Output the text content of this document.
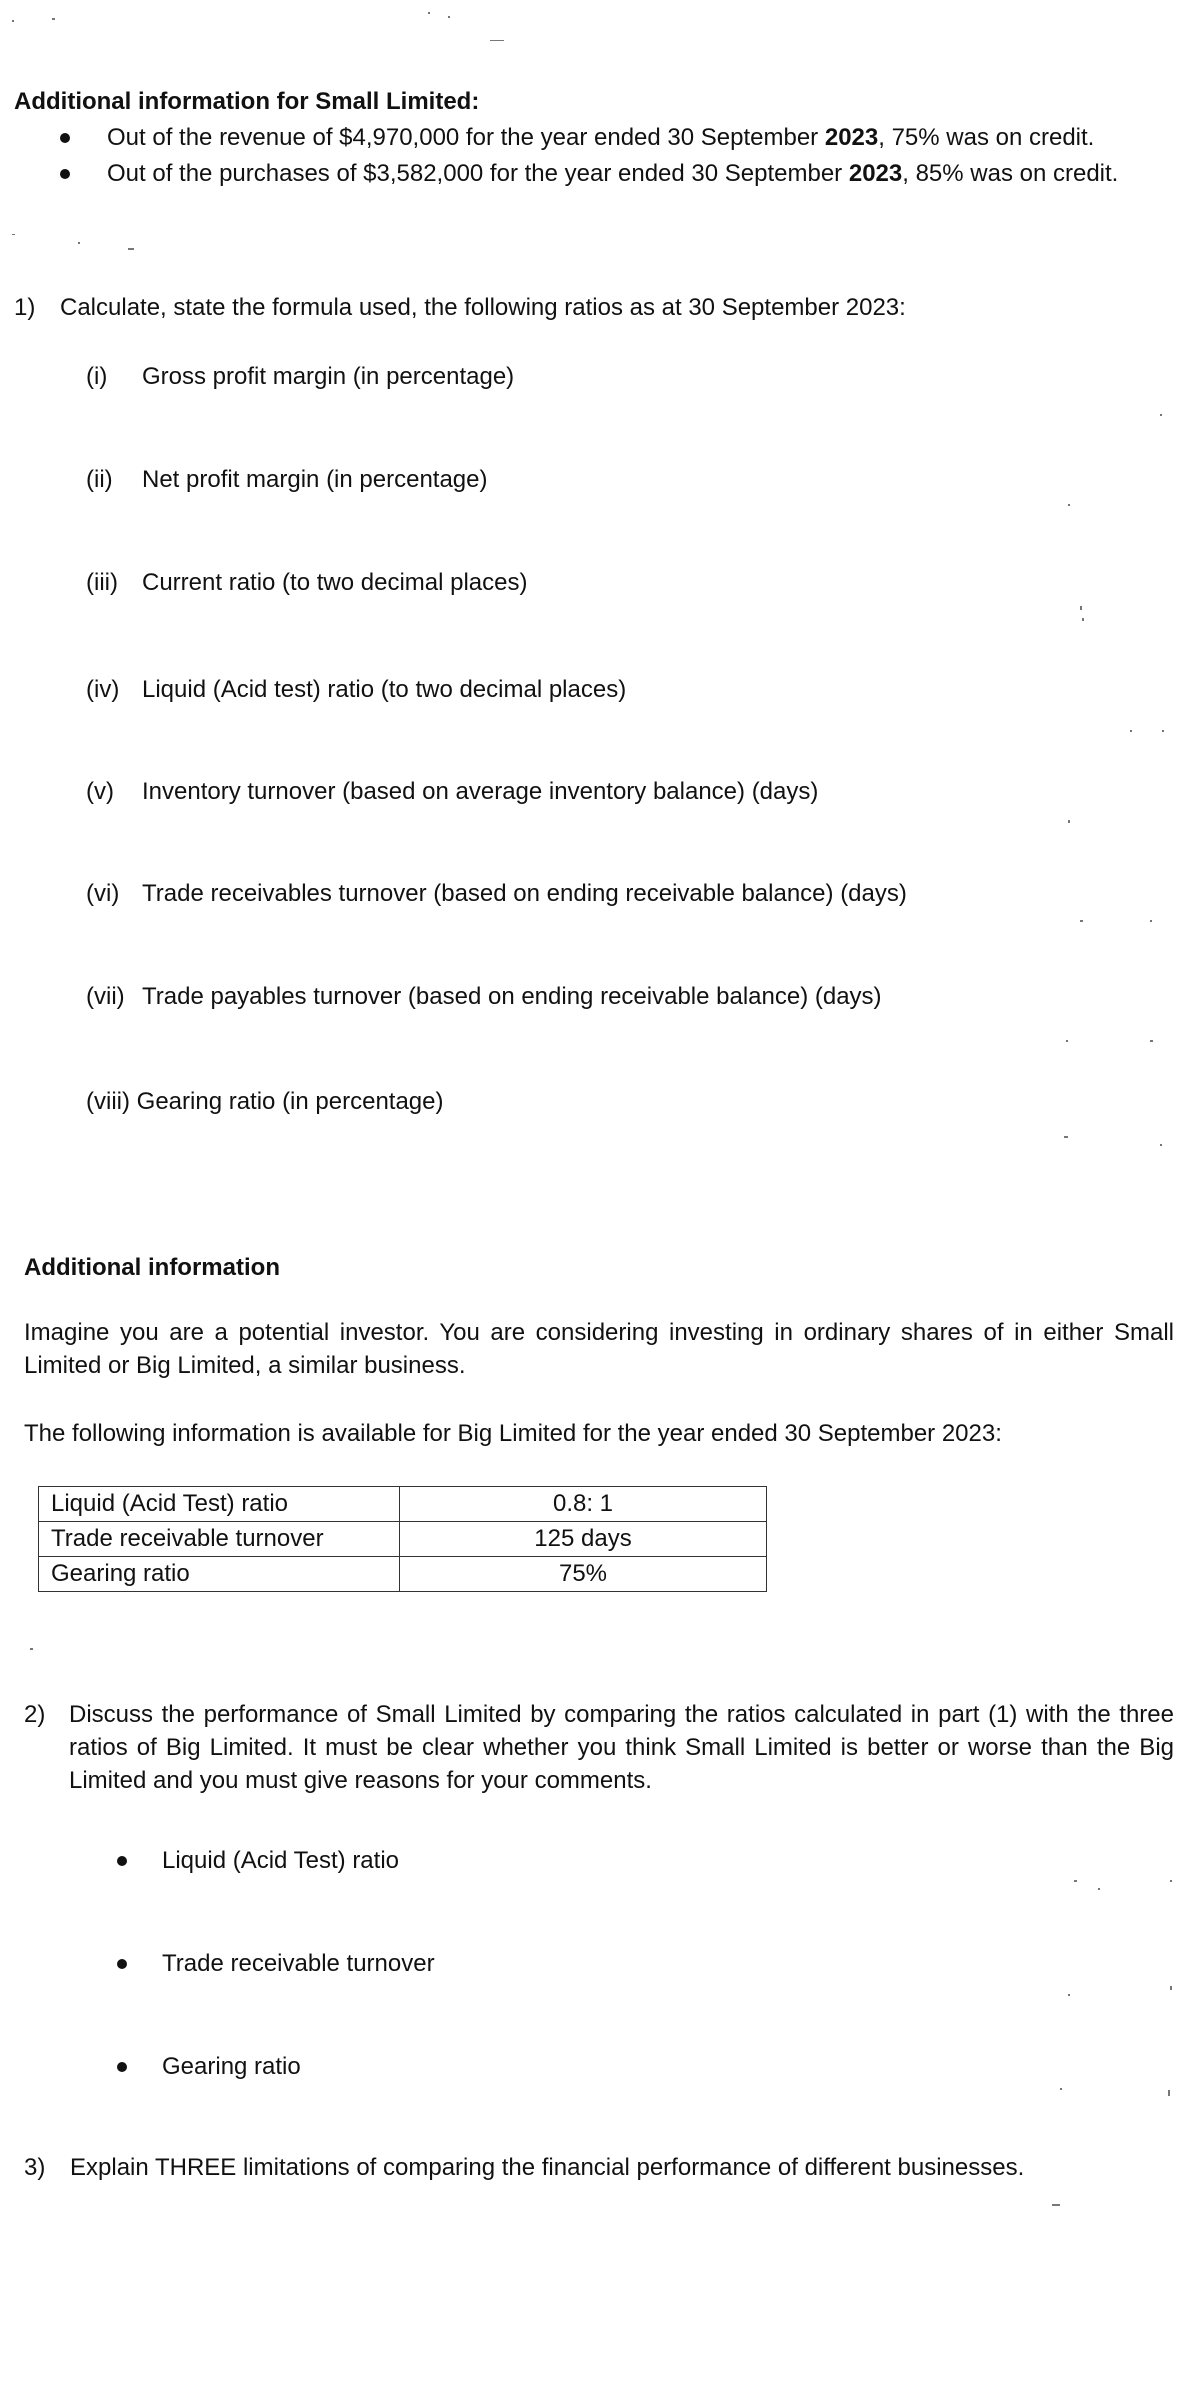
Additional information for Small Limited:
Out of the revenue of $4,970,000 for the year ended 30 September 2023, 75% was on credit.
Out of the purchases of $3,582,000 for the year ended 30 September 2023, 85% was on credit.
1) Calculate, state the formula used, the following ratios as at 30 September 2023:
(i) Gross profit margin (in percentage)
(ii) Net profit margin (in percentage)
(iii) Current ratio (to two decimal places)
(iv) Liquid (Acid test) ratio (to two decimal places)
(v) Inventory turnover (based on average inventory balance) (days)
(vi) Trade receivables turnover (based on ending receivable balance) (days)
(vii) Trade payables turnover (based on ending receivable balance) (days)
(viii) Gearing ratio (in percentage)
Additional information
Imagine you are a potential investor. You are considering investing in ordinary shares of in either Small Limited or Big Limited, a similar business.
The following information is available for Big Limited for the year ended 30 September 2023:
Liquid (Acid Test) ratio	0.8: 1
Trade receivable turnover	125 days
Gearing ratio	75%
2) Discuss the performance of Small Limited by comparing the ratios calculated in part (1) with the three ratios of Big Limited. It must be clear whether you think Small Limited is better or worse than the Big Limited and you must give reasons for your comments.
Liquid (Acid Test) ratio
Trade receivable turnover
Gearing ratio
3) Explain THREE limitations of comparing the financial performance of different businesses.
